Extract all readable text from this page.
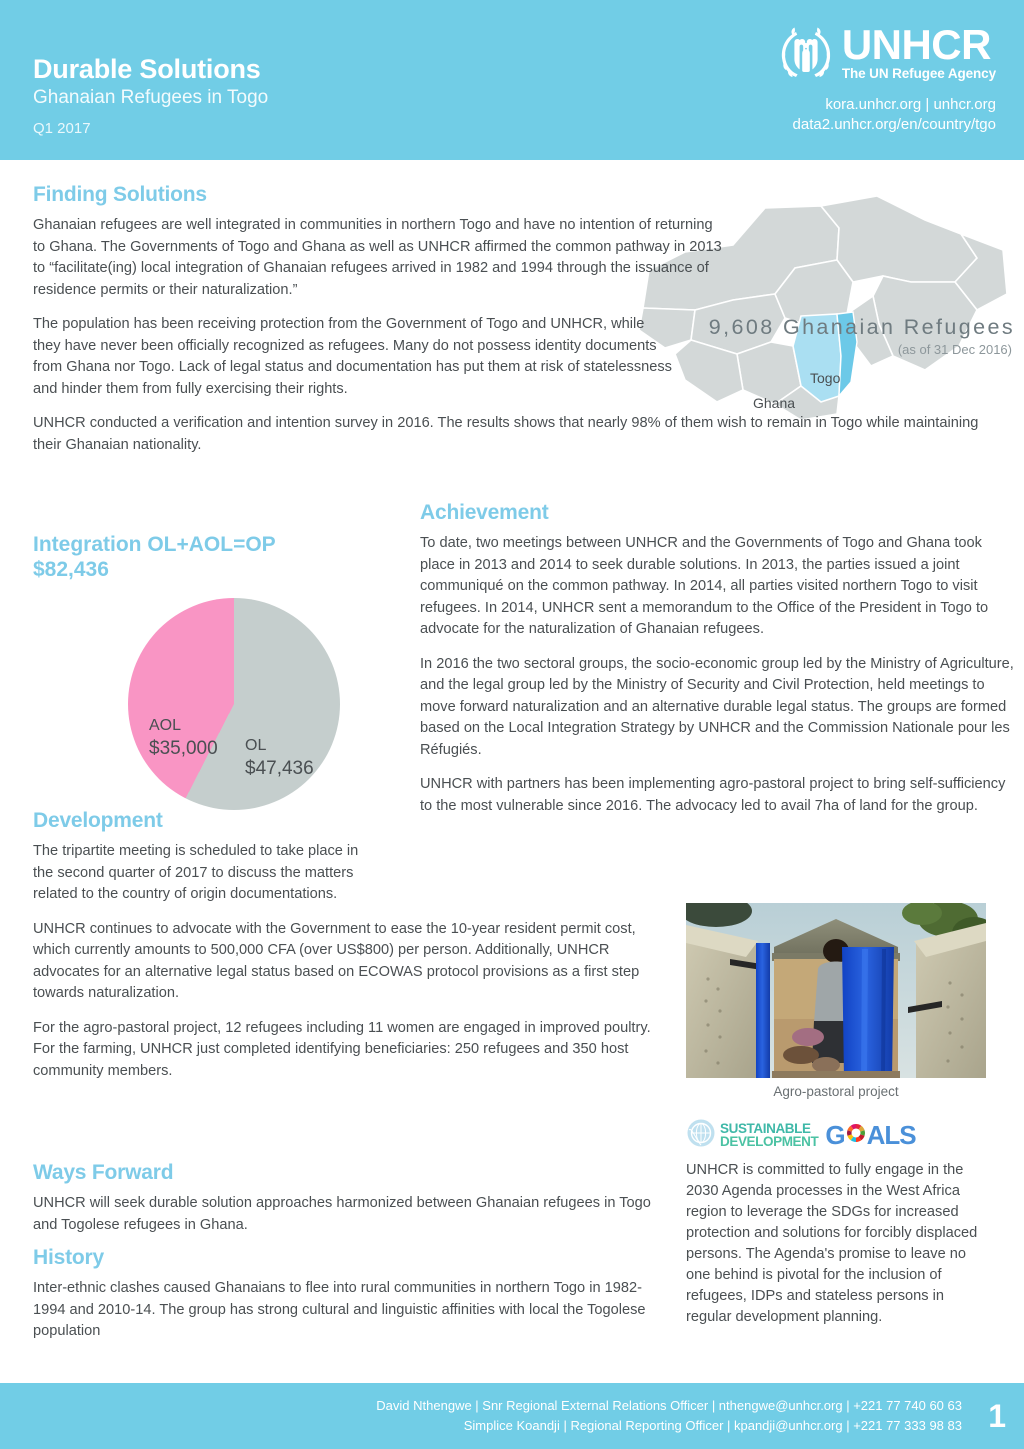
Durable Solutions
Ghanaian Refugees in Togo
Q1 2017
UNHCR
The UN Refugee Agency
kora.unhcr.org | unhcr.org
data2.unhcr.org/en/country/tgo
9,608 Ghanaian Refugees
(as of 31 Dec 2016)
Togo
Ghana
Finding Solutions

Ghanaian refugees are well integrated in communities in northern Togo and have no intention of returning to Ghana. The Governments of Togo and Ghana as well as UNHCR affirmed the common pathway in 2013 to “facilitate(ing) local integration of Ghanaian refugees arrived in 1982 and 1994 through the issuance of residence permits or their naturalization.”

The population has been receiving protection from the Government of Togo and UNHCR, while they have never been officially recognized as refugees. Many do not possess identity documents from Ghana nor Togo. Lack of legal status and documentation has put them at risk of statelessness and hinder them from fully exercising their rights.

UNHCR conducted a verification and intention survey in 2016. The results shows that nearly 98% of them wish to remain in Togo while maintaining their Ghanaian nationality.

Integration OL+AOL=OP
$82,436
AOL
$35,000 OL
$47,436
Achievement

To date, two meetings between UNHCR and the Governments of Togo and Ghana took place in 2013 and 2014 to seek durable solutions. In 2013, the parties issued a joint communiqué on the common pathway. In 2014, all parties visited northern Togo to visit refugees. In 2014, UNHCR sent a memorandum to the Office of the President in Togo to advocate for the naturalization of Ghanaian refugees.

In 2016 the two sectoral groups, the socio-economic group led by the Ministry of Agriculture, and the legal group led by the Ministry of Security and Civil Protection, held meetings to move forward naturalization and an alternative durable legal status. The groups are formed based on the Local Integration Strategy by UNHCR and the Commission Nationale pour les Réfugiés.

UNHCR with partners has been implementing agro-pastoral project to bring self-sufficiency to the most vulnerable since 2016. The advocacy led to avail 7ha of land for the group.

Development

The tripartite meeting is scheduled to take place in the second quarter of 2017 to discuss the matters related to the country of origin documentations.

UNHCR continues to advocate with the Government to ease the 10-year resident permit cost, which currently amounts to 500,000 CFA (over US$800) per person. Additionally, UNHCR advocates for an alternative legal status based on ECOWAS protocol provisions as a first step towards naturalization.

For the agro-pastoral project, 12 refugees including 11 women are engaged in improved poultry. For the farming, UNHCR just completed identifying beneficiaries: 250 refugees and 350 host community members.

Agro-pastoral project
SUSTAINABLE
DEVELOPMENT G ALS
UNHCR is committed to fully engage in the 2030 Agenda processes in the West Africa region to leverage the SDGs for increased protection and solutions for forcibly displaced persons. The Agenda's promise to leave no one behind is pivotal for the inclusion of refugees, IDPs and stateless persons in regular development planning.
Ways Forward

UNHCR will seek durable solution approaches harmonized between Ghanaian refugees in Togo and Togolese refugees in Ghana.

History

Inter-ethnic clashes caused Ghanaians to flee into rural communities in northern Togo in 1982-1994 and 2010-14. The group has strong cultural and linguistic affinities with local the Togolese population

David Nthengwe | Snr Regional External Relations Officer | nthengwe@unhcr.org | +221 77 740 60 63
Simplice Koandji | Regional Reporting Officer | kpandji@unhcr.org | +221 77 333 98 83 1
